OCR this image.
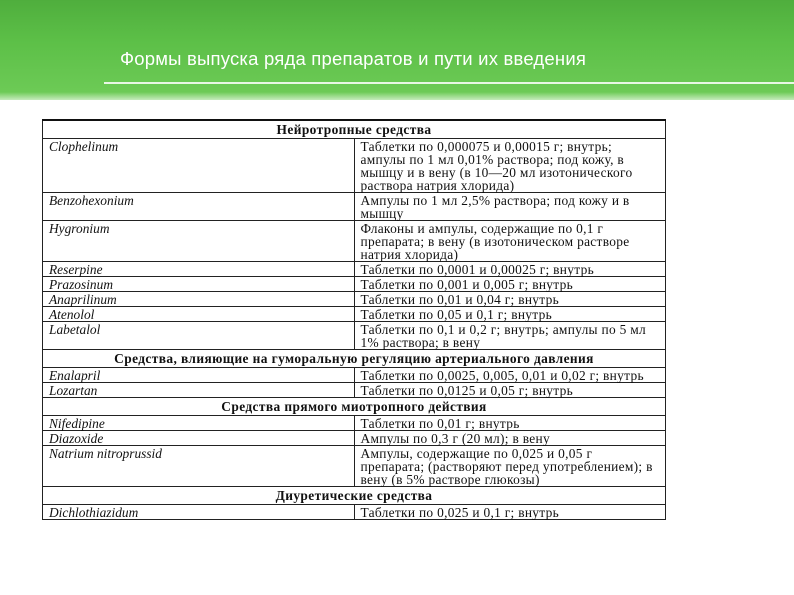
Формы выпуска ряда препаратов и пути их введения
Нейротропные средства	
Clophelinum	Таблетки по 0,000075 и 0,00015 г; внутрь; ампулы по 1 мл 0,01% раствора; под кожу, в мышцу и в вену (в 10—20 мл изотонического раствора натрия хлорида)
Benzohexonium	Ампулы по 1 мл 2,5% раствора; под кожу и в мышцу
Hygronium	Флаконы и ампулы, содержащие по 0,1 г препарата; в вену (в изотоническом растворе натрия хлорида)
Reserpine	Таблетки по 0,0001 и 0,00025 г; внутрь
Prazosinum	Таблетки по 0,001 и 0,005 г; внутрь
Anaprilinum	Таблетки по 0,01 и 0,04 г; внутрь
Atenolol	Таблетки по 0,05 и 0,1 г; внутрь
Labetalol	Таблетки по 0,1 и 0,2 г; внутрь; ампулы по 5 мл 1% раствора; в вену
Средства, влияющие на гуморальную регуляцию артериального давления	
Enalapril	Таблетки по 0,0025, 0,005, 0,01 и 0,02 г; внутрь
Lozartan	Таблетки по 0,0125 и 0,05 г; внутрь
Средства прямого миотропного действия	
Nifedipine	Таблетки по 0,01 г; внутрь
Diazoxide	Ампулы по 0,3 г (20 мл); в вену
Natrium nitroprussid	Ампулы, содержащие по 0,025 и 0,05 г препарата; (растворяют перед употреблением); в вену (в 5% растворе глюкозы)
Диуретические средства	
Dichlothiazidum	Таблетки по 0,025 и 0,1 г; внутрь
